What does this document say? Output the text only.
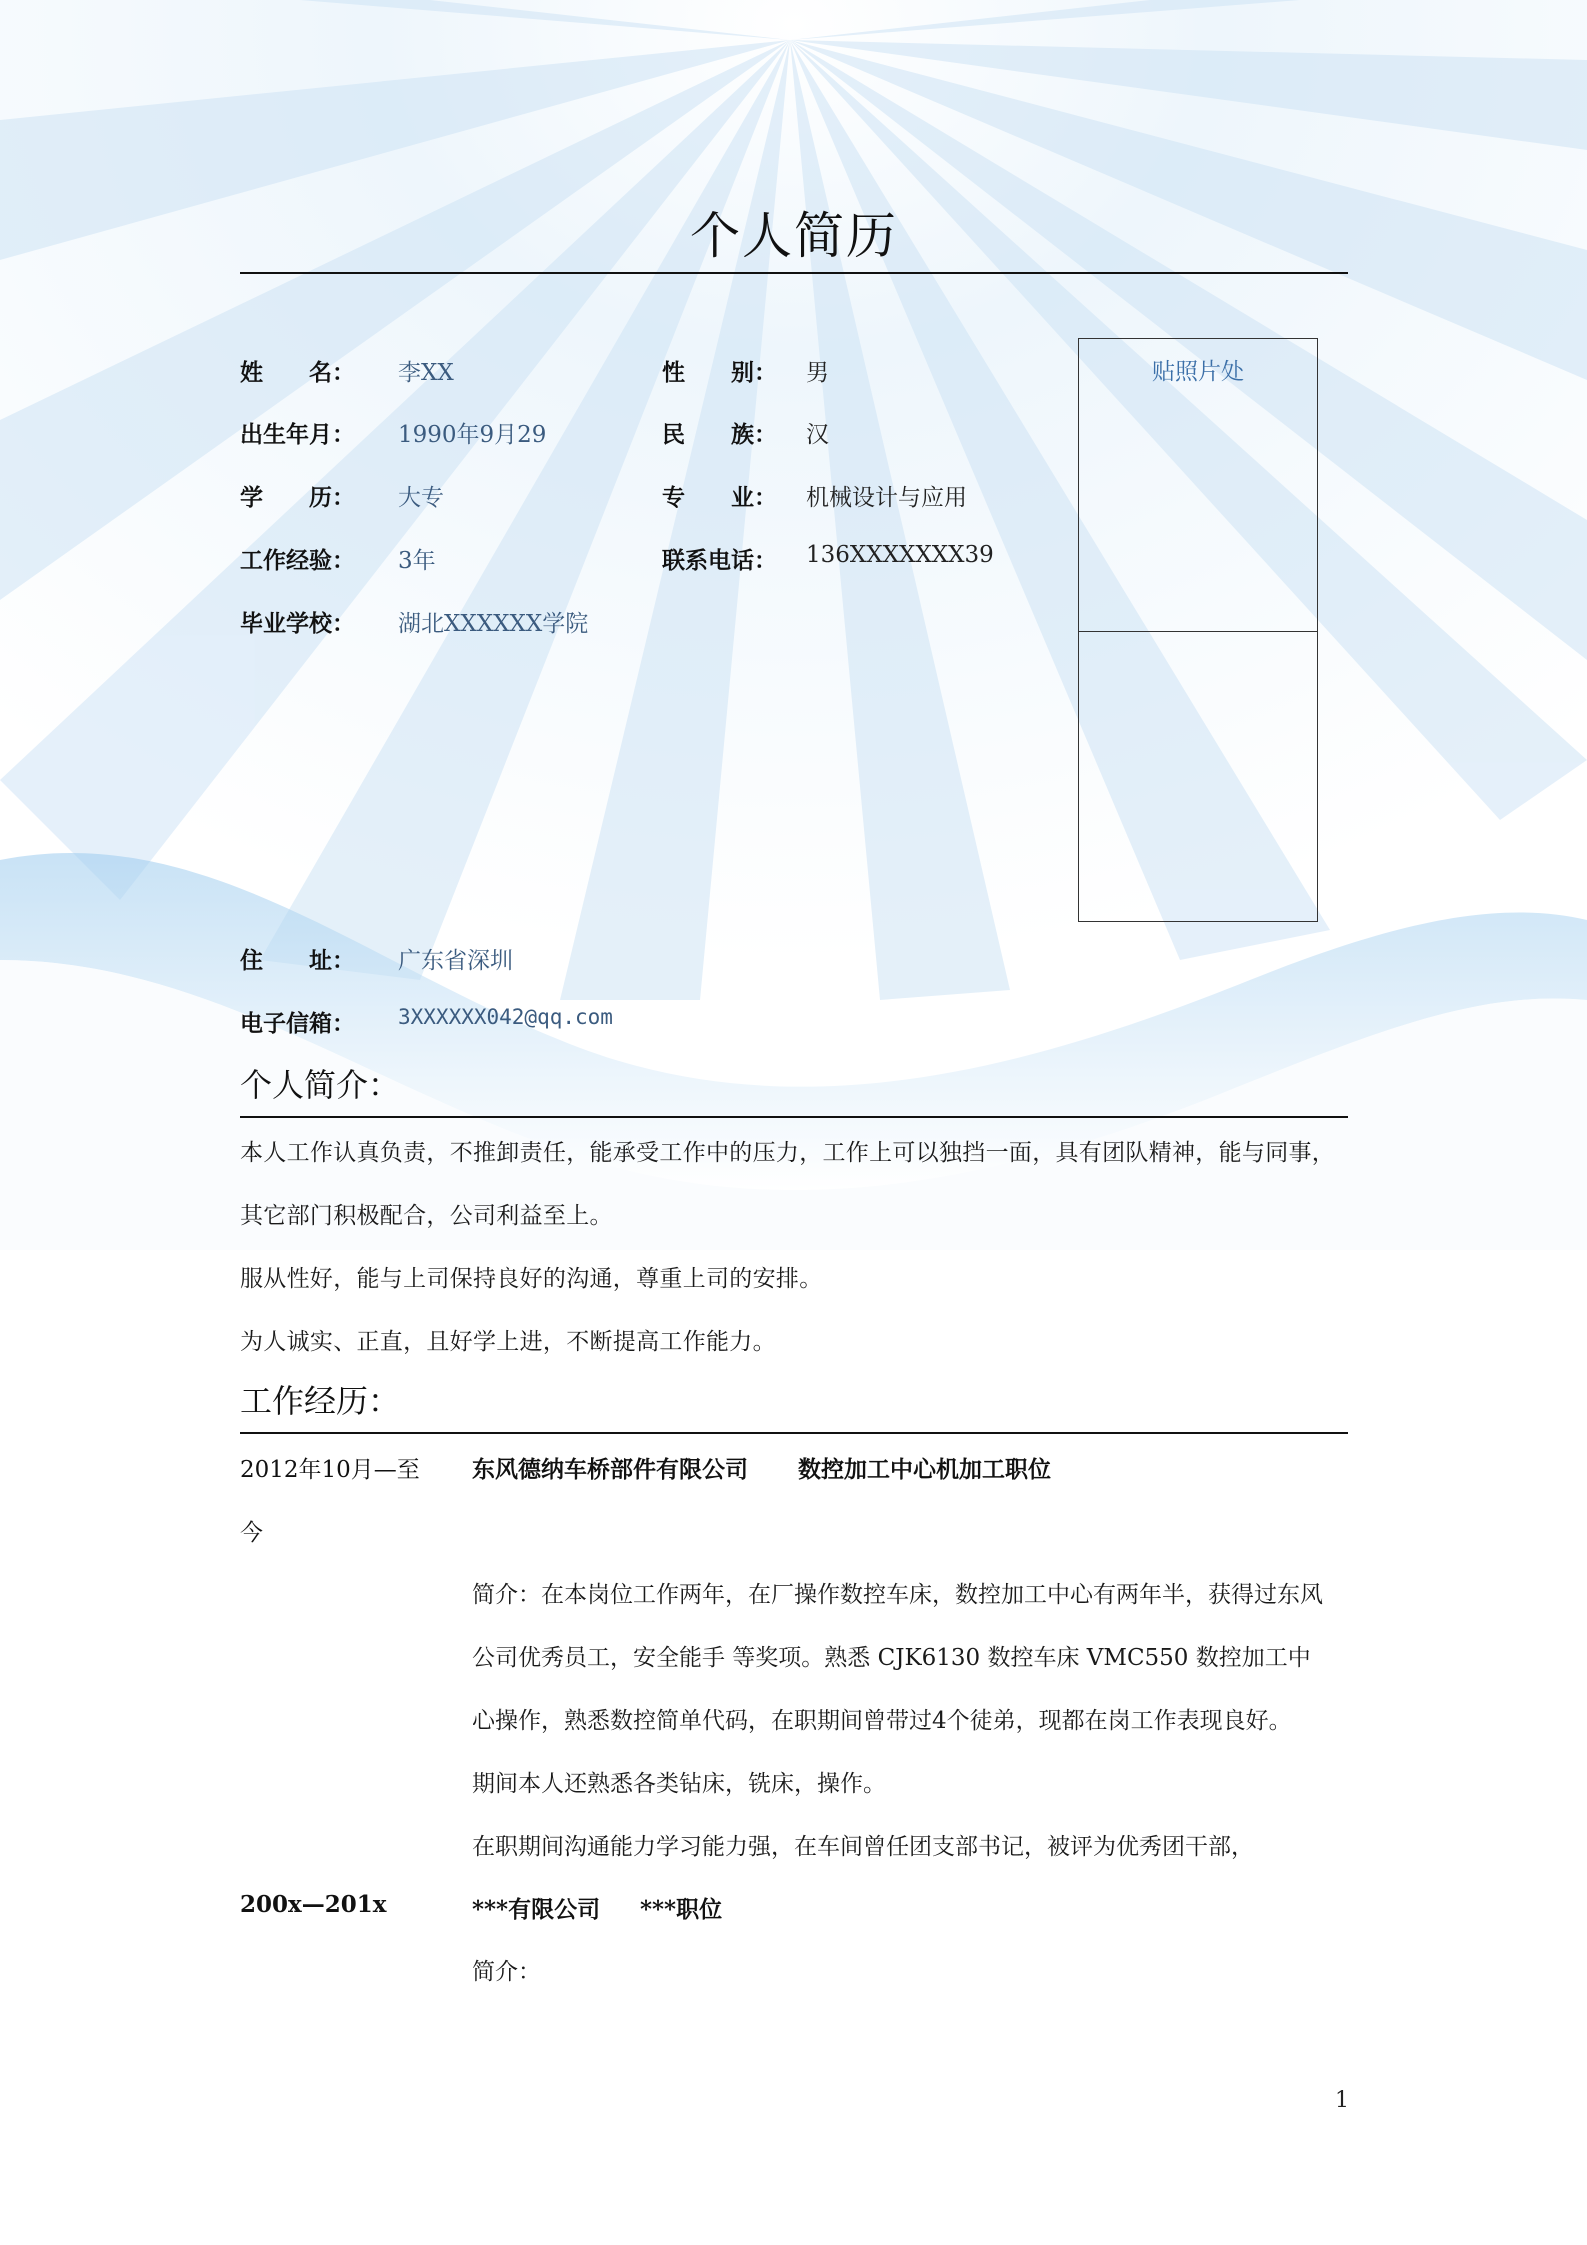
个人简历
姓　　名： 李XX	性　　别： 男
出生年月： 1990年9月29	民　　族： 汉
学　　历： 大专	专　　业： 机械设计与应用
工作经验： 3年	联系电话： 136XXXXXXX39
毕业学校： 湖北XXXXXX学院
贴照片处
住　　址： 广东省深圳
电子信箱： 3XXXXXX042@qq.com
个人简介：
本人工作认真负责，不推卸责任，能承受工作中的压力，工作上可以独挡一面，具有团队精神，能与同事，
其它部门积极配合，公司利益至上。
服从性好，能与上司保持良好的沟通，尊重上司的安排。
为人诚实、正直，且好学上进，不断提高工作能力。
工作经历：
2012年10月—至 东风德纳车桥部件有限公司 数控加工中心机加工职位
今
简介：在本岗位工作两年，在厂操作数控车床，数控加工中心有两年半，获得过东风
公司优秀员工，安全能手 等奖项。熟悉 CJK6130 数控车床 VMC550 数控加工中
心操作，熟悉数控简单代码，在职期间曾带过4个徒弟，现都在岗工作表现良好。
期间本人还熟悉各类钻床，铣床，操作。
在职期间沟通能力学习能力强，在车间曾任团支部书记，被评为优秀团干部，
200x—201x	***有限公司 ***职位
简介：
1
